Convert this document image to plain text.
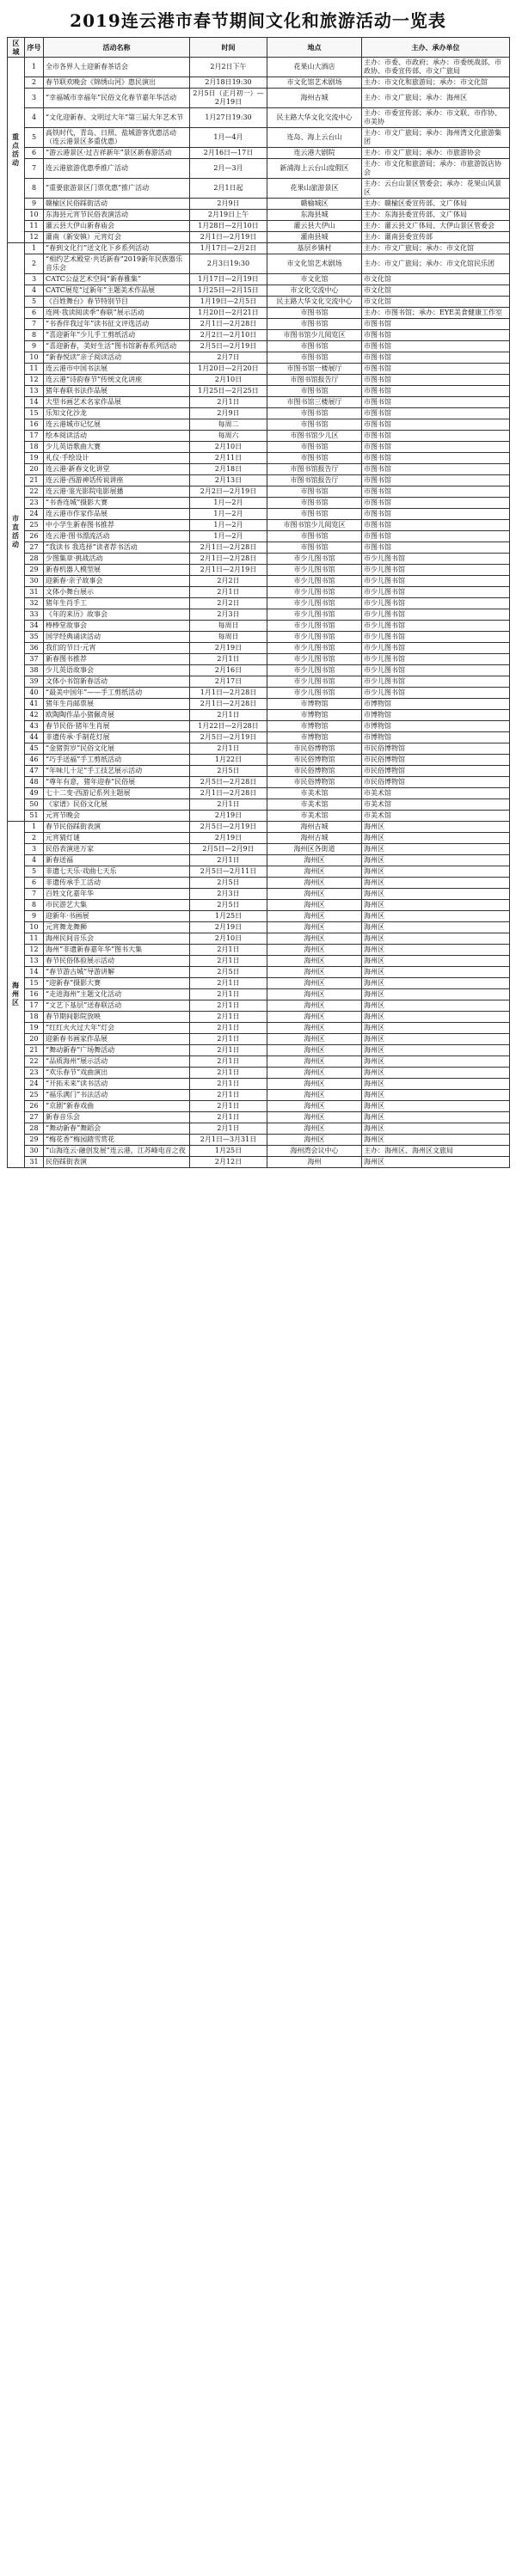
2019连云港市春节期间文化和旅游活动一览表
区域	序号	活动名称	时间	地点	主办、承办单位
重点活动	1	全市各界人士迎新春茶话会	2月2日下午	花果山大酒店	主办：市委、市政府；承办：市委统战部、市政协、市委宣传部、市文广旅局
	2	春节联欢晚会《锦绣山河》惠民演出	2月18日19:30	市文化馆艺术剧场	主办：市文化和旅游局；承办：市文化馆
	3	“幸福城市幸福年”民俗文化春节嘉年华活动	2月5日（正月初一）—2月19日	海州古城	主办：市文广旅局；承办：海州区
	4	“文化迎新春、文明过大年”第三届大年艺术节	1月27日19:30	民主路大华文化交流中心	主办：市委宣传部；承办：市文联、市作协、市美协
	5	高铁时代，青岛、日照、盐城游客优惠活动（连云港景区多重优惠）	1月—4月	连岛、海上云台山	主办：市文广旅局；承办：海州湾文化旅游集团
	6	“游云港景区·过吉祥新年”景区新春游活动	2月16日—17日	连云港大剧院	主办：市文广旅局；承办：市旅游协会
	7	连云港旅游优惠季推广活动	2月—3月	新浦海上云台山度假区	主办：市文化和旅游局；承办：市旅游饭店协会
	8	“重要旅游景区门票优惠”推广活动	2月1日起	花果山旅游景区	主办：云台山景区管委会；承办：花果山风景区
	9	赣榆区民俗踩街活动	2月9日	赣榆城区	主办：赣榆区委宣传部、文广体局
	10	东海县元宵节民俗表演活动	2月19日上午	东海县城	主办：东海县委宣传部、文广体局
	11	灌云县大伊山新春庙会	1月28日—2月10日	灌云县大伊山	主办：灌云县文广体局、大伊山景区管委会
	12	灌南（新安镇）元宵灯会	2月1日—2月19日	灌南县城	主办：灌南县委宣传部
市直活动	1	“春到文化行”送文化下乡系列活动	1月17日—2月2日	基层乡镇村	主办：市文广旅局；承办：市文化馆
	2	“相约艺术殿堂·共话新春”2019新年民族器乐音乐会	2月3日19:30	市文化馆艺术剧场	主办：市文广旅局；承办：市文化馆民乐团
	3	CATC公益艺术空间“新春雅集”	1月17日—2月19日	市文化馆	市文化馆
	4	CATC展览“过新年”主题美术作品展	1月25日—2月15日	市文化交流中心	市文化馆
	5	《百姓舞台》春节特别节目	1月19日—2月5日	民主路大华文化交流中心	市文化馆
	6	连网·我读阅读季“春联”展示活动	1月20日—2月21日	市图书馆	主办：市图书馆；承办：EYE美食健康工作室
	7	“书香伴我过年”读书征文评选活动	2月1日—2月28日	市图书馆	市图书馆
	8	“喜迎新年”少儿手工剪纸活动	2月2日—2月10日	市图书馆少儿阅览区	市图书馆
	9	“喜迎新春，美好生活”图书馆新春系列活动	2月5日—2月19日	市图书馆	市图书馆
	10	“新春悦读”亲子阅读活动	2月7日	市图书馆	市图书馆
	11	连云港市中国书法展	1月20日—2月20日	市图书馆一楼展厅	市图书馆
	12	连云港“诗韵春节”传统文化讲座	2月10日	市图书馆报告厅	市图书馆
	13	猪年春联书法作品展	1月25日—2月25日	市图书馆	市图书馆
	14	大型书画艺术名家作品展	2月1日	市图书馆三楼展厅	市图书馆
	15	乐知文化沙龙	2月9日	市图书馆	市图书馆
	16	连云港城市记忆展	每周二	市图书馆	市图书馆
	17	绘本阅读活动	每周六	市图书馆少儿区	市图书馆
	18	少儿英语歌曲大赛	2月10日	市图书馆	市图书馆
	19	礼仪·手绘设计	2月11日	市图书馆	市图书馆
	20	连云港·新春文化讲堂	2月18日	市图书馆报告厅	市图书馆
	21	连云港·西游神话传说讲座	2月13日	市图书馆报告厅	市图书馆
	22	连云港·鉴光影院电影展播	2月2日—2月19日	市图书馆	市图书馆
	23	“书香连城”摄影大赛	1月—2月	市图书馆	市图书馆
	24	连云港市作家作品展	1月—2月	市图书馆	市图书馆
	25	中小学生新春图书推荐	1月—2月	市图书馆少儿阅览区	市图书馆
	26	连云港·图书漂流活动	1月—2月	市图书馆	市图书馆
	27	“我读书 我选择”读者荐书活动	2月1日—2月28日	市图书馆	市图书馆
	28	少图集章·挑战活动	2月1日—2月28日	市少儿图书馆	市少儿图书馆
	29	新春机器人模型展	2月1日—2月19日	市少儿图书馆	市少儿图书馆
	30	迎新春·亲子故事会	2月2日	市少儿图书馆	市少儿图书馆
	31	文体小舞台展示	2月1日	市少儿图书馆	市少儿图书馆
	32	猪年生肖手工	2月2日	市少儿图书馆	市少儿图书馆
	33	《年的来历》故事会	2月3日	市少儿图书馆	市少儿图书馆
	34	棒棒堂故事会	每周日	市少儿图书馆	市少儿图书馆
	35	国学经典诵读活动	每周日	市少儿图书馆	市少儿图书馆
	36	我们的节日·元宵	2月19日	市少儿图书馆	市少儿图书馆
	37	新春图书推荐	2月1日	市少儿图书馆	市少儿图书馆
	38	少儿英语故事会	2月16日	市少儿图书馆	市少儿图书馆
	39	文体小书馆新春活动	2月17日	市少儿图书馆	市少儿图书馆
	40	“最美中国年”——手工剪纸活动	1月1日—2月28日	市少儿图书馆	市少儿图书馆
	41	猪年生肖邮票展	2月1日—2月28日	市博物馆	市博物馆
	42	欧陶陶作品小猪佩奇展	2月1日	市博物馆	市博物馆
	43	春节民俗·猪年生肖展	1月22日—2月28日	市博物馆	市博物馆
	44	非遗传承·手制花灯展	2月5日—2月19日	市博物馆	市博物馆
	45	“金猪贺岁”民俗文化展	2月1日	市民俗博物馆	市民俗博物馆
	46	“巧手送福”手工剪纸活动	1月22日	市民俗博物馆	市民俗博物馆
	47	“年味儿十足”手工技艺展示活动	2月5日	市民俗博物馆	市民俗博物馆
	48	“尊年有意，猪年迎春”民俗展	2月5日—2月28日	市民俗博物馆	市民俗博物馆
	49	七十二变·西游记系列主题展	2月1日—2月28日	市美术馆	市美术馆
	50	《家谱》民俗文化展	2月1日	市美术馆	市美术馆
	51	元宵节晚会	2月19日	市美术馆	市美术馆
海州区	1	春节民俗踩街表演	2月5日—2月19日	海州古城	海州区
	2	元宵猜灯谜	2月19日	海州古城	海州区
	3	民俗表演进万家	2月5日—2月9日	海州区各街道	海州区
	4	新春送福	2月1日	海州区	海州区
	5	非遗七天乐·戏曲七天乐	2月5日—2月11日	海州区	海州区
	6	非遗传承手工活动	2月5日	海州区	海州区
	7	百姓文化嘉年华	2月3日	海州区	海州区
	8	市民游艺大集	2月5日	海州区	海州区
	9	迎新年·书画展	1月25日	海州区	海州区
	10	元宵舞龙舞狮	2月19日	海州区	海州区
	11	海州民间音乐会	2月10日	海州区	海州区
	12	海州“非遗新春嘉年华”图书大集	2月1日	海州区	海州区
	13	春节民俗体验展示活动	2月1日	海州区	海州区
	14	“春节游古城”导游讲解	2月5日	海州区	海州区
	15	“迎新春”摄影大赛	2月1日	海州区	海州区
	16	“走进海州”主题文化活动	2月1日	海州区	海州区
	17	“文艺下基层”送春联活动	2月1日	海州区	海州区
	18	春节期间影院放映	2月1日	海州区	海州区
	19	“红红火火过大年”灯会	2月1日	海州区	海州区
	20	迎新春书画家作品展	2月1日	海州区	海州区
	21	“舞动新春”广场舞活动	2月1日	海州区	海州区
	22	“品质海州”展示活动	2月1日	海州区	海州区
	23	“欢乐春节”戏曲演出	2月1日	海州区	海州区
	24	“开拓未来”读书活动	2月1日	海州区	海州区
	25	“福乐满门”书法活动	2月1日	海州区	海州区
	26	“京剧”新春戏曲	2月1日	海州区	海州区
	27	新春音乐会	2月1日	海州区	海州区
	28	“舞动新春”舞蹈会	2月1日	海州区	海州区
	29	“梅花香”梅园踏雪赏花	2月1日—3月31日	海州区	海州区
	30	“山海连云·融创发展”连云港，江苏峰电音之夜	1月25日	海州湾会议中心	主办：海州区、海州区文旅局
	31	民俗踩街表演	2月12日	海州	海州区
